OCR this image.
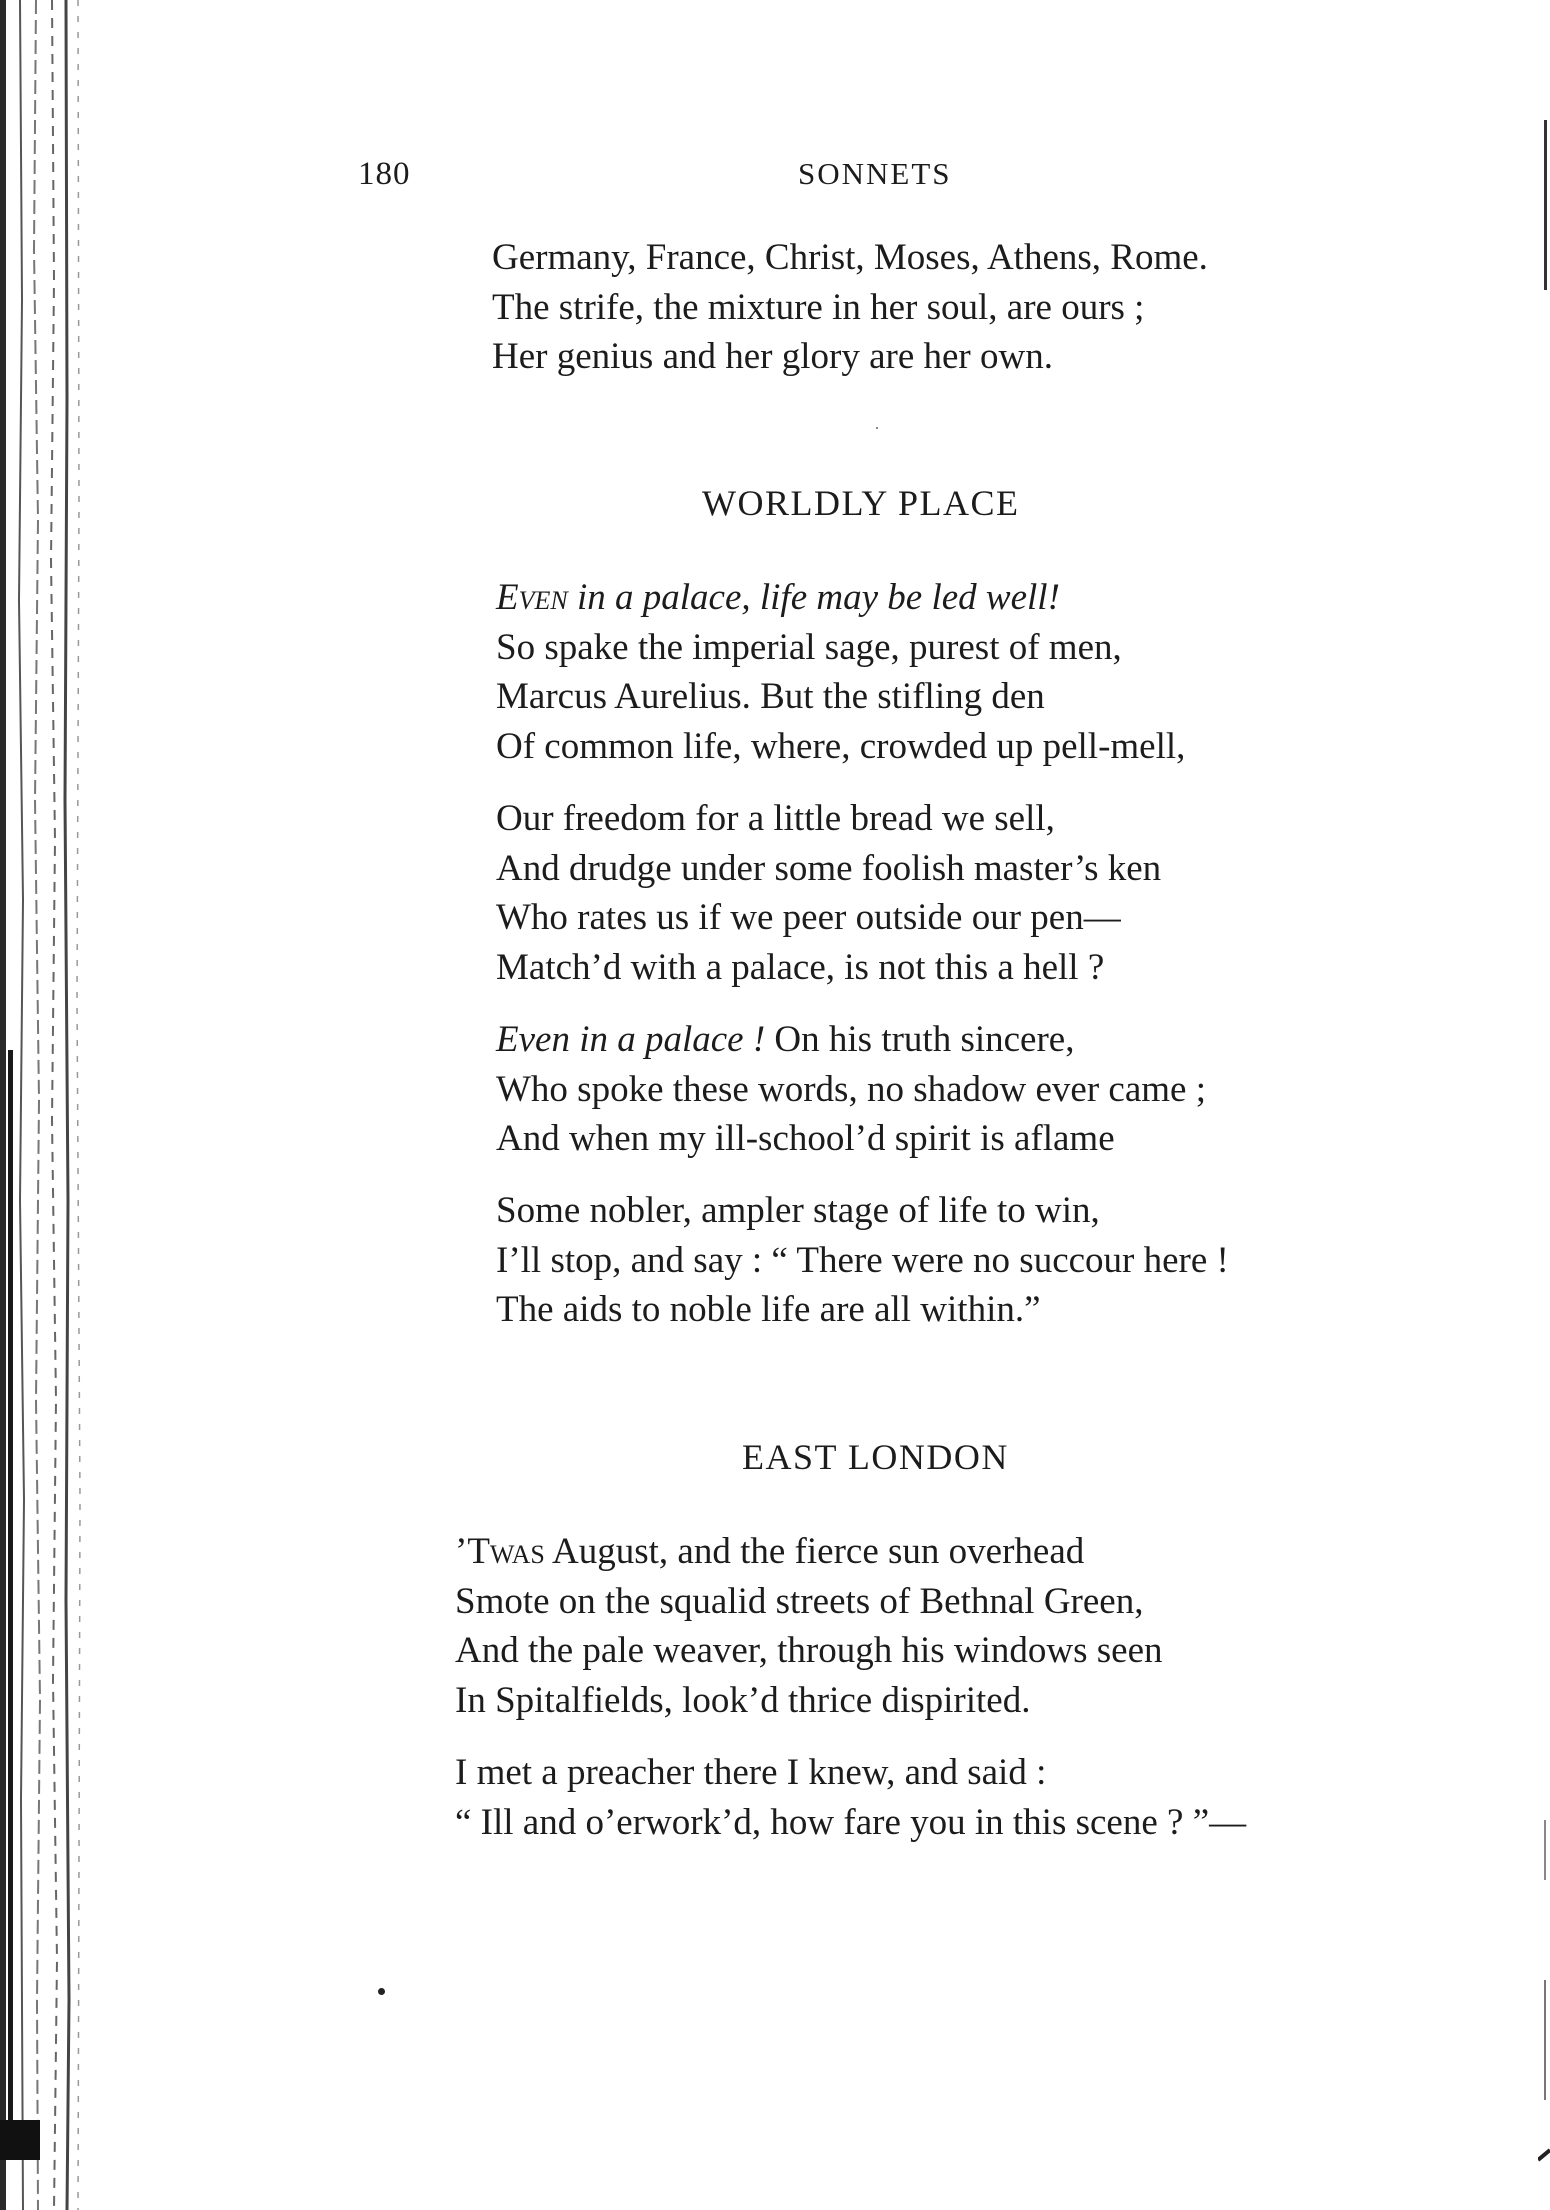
180	SONNETS
Germany, France, Christ, Moses, Athens, Rome.
The strife, the mixture in her soul, are ours ;
Her genius and her glory are her own.
WORLDLY PLACE
Even in a palace, life may be led well!
So spake the imperial sage, purest of men,
Marcus Aurelius. But the stifling den
Of common life, where, crowded up pell-mell,
Our freedom for a little bread we sell,
And drudge under some foolish master’s ken
Who rates us if we peer outside our pen—
Match’d with a palace, is not this a hell ?
Even in a palace ! On his truth sincere,
Who spoke these words, no shadow ever came ;
And when my ill-school’d spirit is aflame
Some nobler, ampler stage of life to win,
I’ll stop, and say : “ There were no succour here !
The aids to noble life are all within.”
EAST LONDON
’Twas August, and the fierce sun overhead
Smote on the squalid streets of Bethnal Green,
And the pale weaver, through his windows seen
In Spitalfields, look’d thrice dispirited.
I met a preacher there I knew, and said :
“ Ill and o’erwork’d, how fare you in this scene ? ”—
